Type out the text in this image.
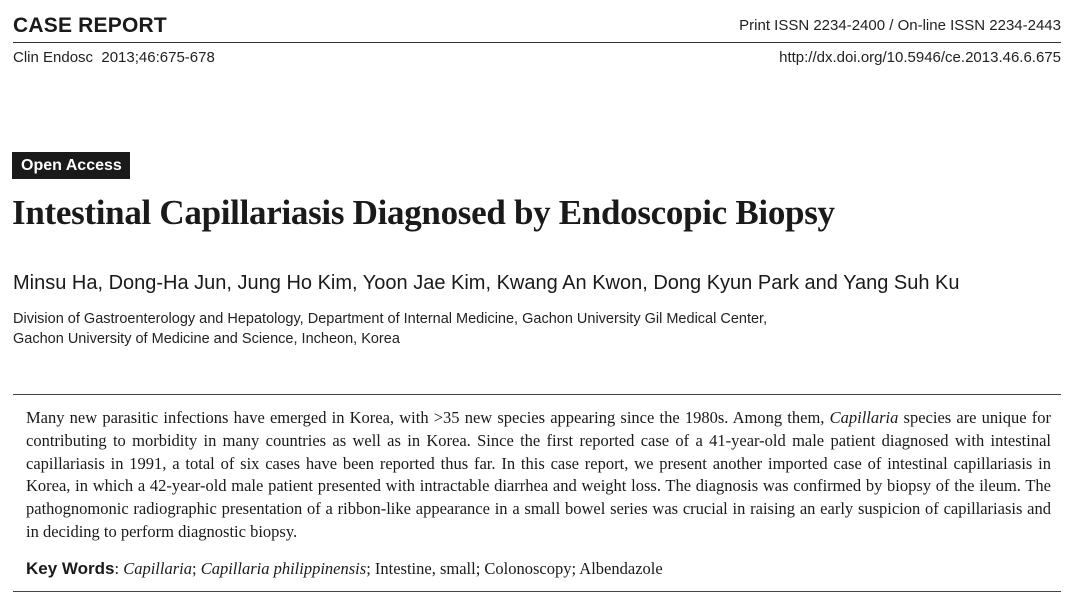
CASE REPORT	Print ISSN 2234-2400 / On-line ISSN 2234-2443
Clin Endosc  2013;46:675-678	http://dx.doi.org/10.5946/ce.2013.46.6.675
Open Access
Intestinal Capillariasis Diagnosed by Endoscopic Biopsy
Minsu Ha, Dong-Ha Jun, Jung Ho Kim, Yoon Jae Kim, Kwang An Kwon, Dong Kyun Park and Yang Suh Ku
Division of Gastroenterology and Hepatology, Department of Internal Medicine, Gachon University Gil Medical Center,
Gachon University of Medicine and Science, Incheon, Korea

Many new parasitic infections have emerged in Korea, with >35 new species appearing since the 1980s. Among them, Capillaria species are unique for contributing to morbidity in many countries as well as in Korea. Since the first reported case of a 41-year-old male patient diagnosed with intestinal capillariasis in 1991, a total of six cases have been reported thus far. In this case report, we present another imported case of intestinal capillariasis in Korea, in which a 42-year-old male patient presented with intractable diarrhea and weight loss. The diagnosis was confirmed by biopsy of the ileum. The pathognomonic radiographic presentation of a ribbon-like appearance in a small bowel series was crucial in raising an early suspicion of capillariasis and in deciding to perform diagnostic biopsy.

Key Words: Capillaria; Capillaria philippinensis; Intestine, small; Colonoscopy; Albendazole
